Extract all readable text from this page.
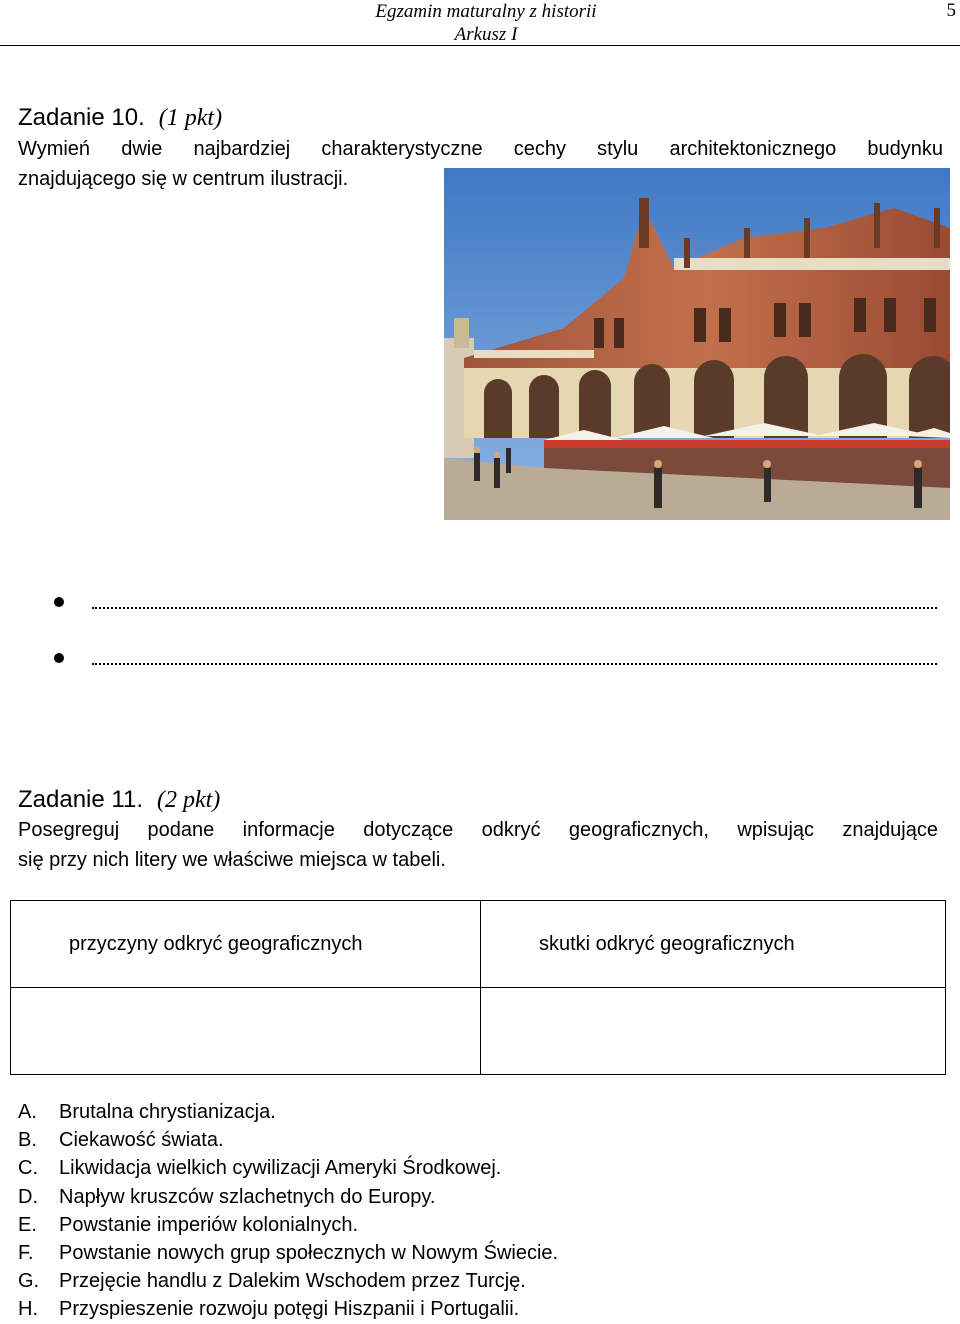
Egzamin maturalny z historii
Arkusz I
5
Zadanie 10. (1 pkt)
Wymień dwie najbardziej charakterystyczne cechy stylu architektonicznego budynku
znajdującego się w centrum ilustracji.
Zadanie 11. (2 pkt)
Posegreguj podane informacje dotyczące odkryć geograficznych, wpisując znajdujące
się przy nich litery we właściwe miejsca w tabeli.
przyczyny odkryć geograficznych	skutki odkryć geograficznych

A. Brutalna chrystianizacja.
B. Ciekawość świata.
C. Likwidacja wielkich cywilizacji Ameryki Środkowej.
D. Napływ kruszców szlachetnych do Europy.
E. Powstanie imperiów kolonialnych.
F. Powstanie nowych grup społecznych w Nowym Świecie.
G. Przejęcie handlu z Dalekim Wschodem przez Turcję.
H. Przyspieszenie rozwoju potęgi Hiszpanii i Portugalii.
